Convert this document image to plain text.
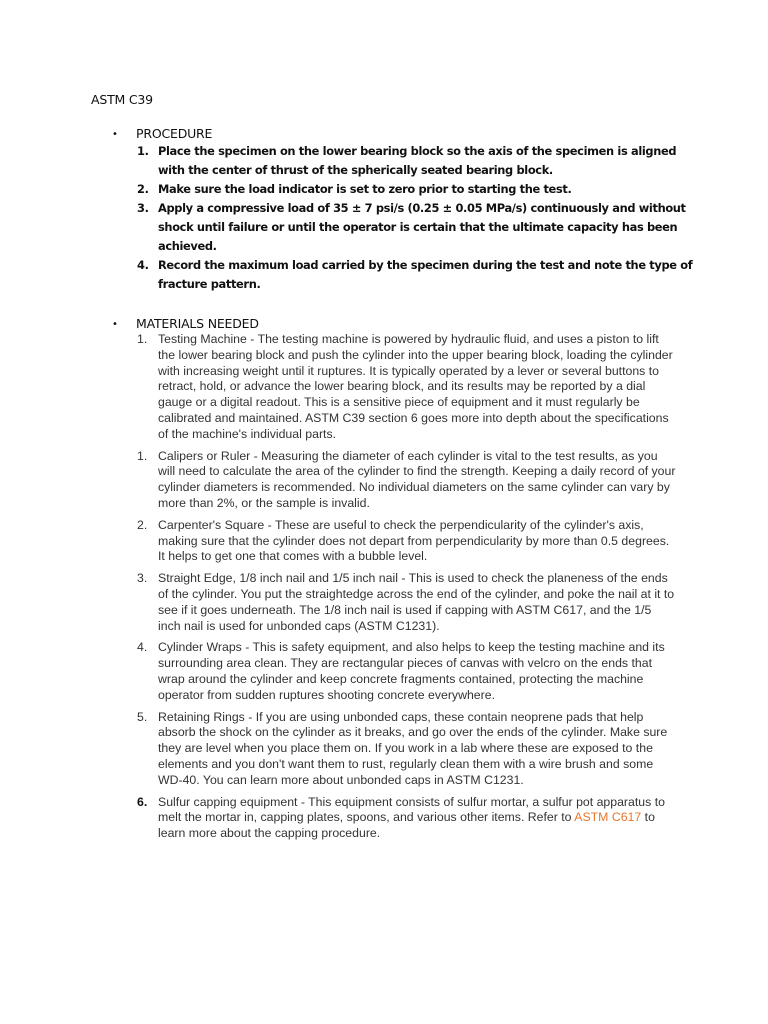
ASTM C39
• PROCEDURE
1. Place the specimen on the lower bearing block so the axis of the specimen is aligned with the center of thrust of the spherically seated bearing block.
2. Make sure the load indicator is set to zero prior to starting the test.
3. Apply a compressive load of 35 ± 7 psi/s (0.25 ± 0.05 MPa/s) continuously and without shock until failure or until the operator is certain that the ultimate capacity has been achieved.
4. Record the maximum load carried by the specimen during the test and note the type of fracture pattern.
• MATERIALS NEEDED
1. Testing Machine - The testing machine is powered by hydraulic fluid, and uses a piston to lift the lower bearing block and push the cylinder into the upper bearing block, loading the cylinder with increasing weight until it ruptures. It is typically operated by a lever or several buttons to retract, hold, or advance the lower bearing block, and its results may be reported by a dial gauge or a digital readout. This is a sensitive piece of equipment and it must regularly be calibrated and maintained. ASTM C39 section 6 goes more into depth about the specifications of the machine's individual parts.
1. Calipers or Ruler - Measuring the diameter of each cylinder is vital to the test results, as you will need to calculate the area of the cylinder to find the strength. Keeping a daily record of your cylinder diameters is recommended. No individual diameters on the same cylinder can vary by more than 2%, or the sample is invalid.
2. Carpenter's Square - These are useful to check the perpendicularity of the cylinder's axis, making sure that the cylinder does not depart from perpendicularity by more than 0.5 degrees. It helps to get one that comes with a bubble level.
3. Straight Edge, 1/8 inch nail and 1/5 inch nail - This is used to check the planeness of the ends of the cylinder. You put the straightedge across the end of the cylinder, and poke the nail at it to see if it goes underneath. The 1/8 inch nail is used if capping with ASTM C617, and the 1/5 inch nail is used for unbonded caps (ASTM C1231).
4. Cylinder Wraps - This is safety equipment, and also helps to keep the testing machine and its surrounding area clean. They are rectangular pieces of canvas with velcro on the ends that wrap around the cylinder and keep concrete fragments contained, protecting the machine operator from sudden ruptures shooting concrete everywhere.
5. Retaining Rings - If you are using unbonded caps, these contain neoprene pads that help absorb the shock on the cylinder as it breaks, and go over the ends of the cylinder. Make sure they are level when you place them on. If you work in a lab where these are exposed to the elements and you don't want them to rust, regularly clean them with a wire brush and some WD-40. You can learn more about unbonded caps in ASTM C1231.
6. Sulfur capping equipment - This equipment consists of sulfur mortar, a sulfur pot apparatus to melt the mortar in, capping plates, spoons, and various other items. Refer to ASTM C617 to learn more about the capping procedure.
